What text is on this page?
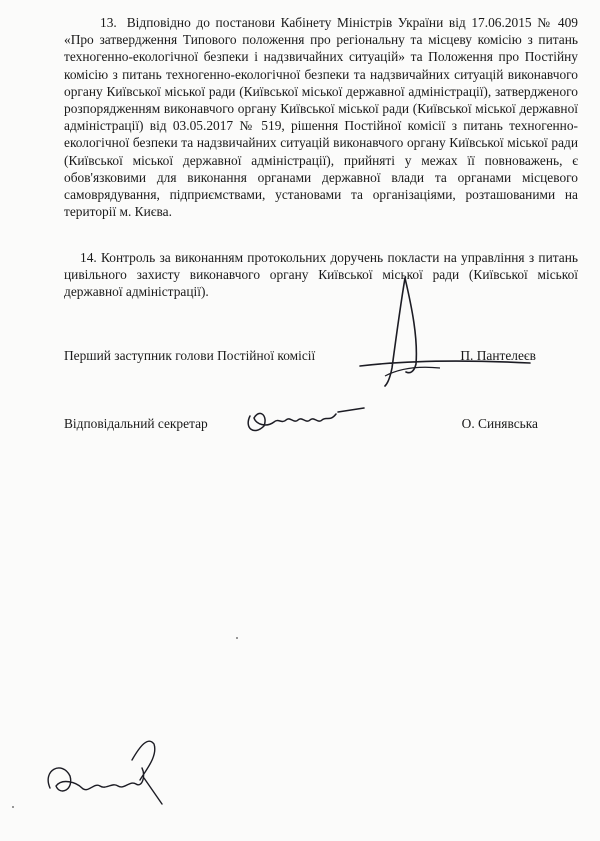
13. Відповідно до постанови Кабінету Міністрів України від 17.06.2015 № 409 «Про затвердження Типового положення про регіональну та місцеву комісію з питань техногенно-екологічної безпеки і надзвичайних ситуацій» та Положення про Постійну комісію з питань техногенно-екологічної безпеки та надзвичайних ситуацій виконавчого органу Київської міської ради (Київської міської державної адміністрації), затвердженого розпорядженням виконавчого органу Київської міської ради (Київської міської державної адміністрації) від 03.05.2017 № 519, рішення Постійної комісії з питань техногенно-екологічної безпеки та надзвичайних ситуацій виконавчого органу Київської міської ради (Київської міської державної адміністрації), прийняті у межах її повноважень, є обов'язковими для виконання органами державної влади та органами місцевого самоврядування, підприємствами, установами та організаціями, розташованими на території м. Києва.

14. Контроль за виконанням протокольних доручень покласти на управління з питань цивільного захисту виконавчого органу Київської міської ради (Київської міської державної адміністрації).

Перший заступник голови Постійної комісії	П. Пантелеєв
Відповідальний секретар	О. Синявська
